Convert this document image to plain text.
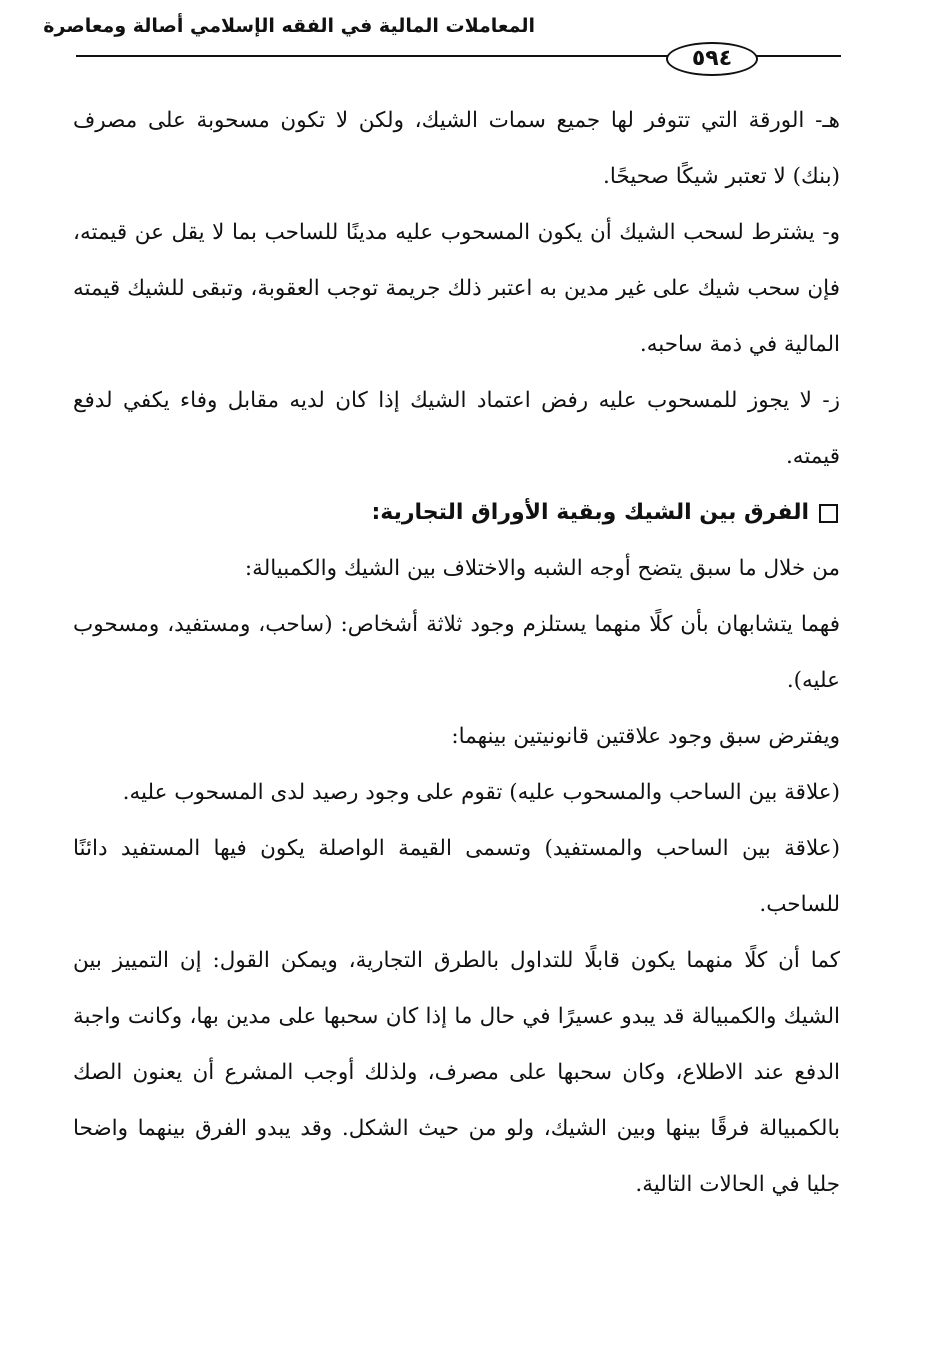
المعاملات المالية في الفقه الإسلامي أصالة ومعاصرة
٥٩٤

هـ- الورقة التي تتوفر لها جميع سمات الشيك، ولكن لا تكون مسحوبة على مصرف (بنك) لا تعتبر شيكًا صحيحًا.

و- يشترط لسحب الشيك أن يكون المسحوب عليه مدينًا للساحب بما لا يقل عن قيمته، فإن سحب شيك على غير مدين به اعتبر ذلك جريمة توجب العقوبة، وتبقى للشيك قيمته المالية في ذمة ساحبه.

ز- لا يجوز للمسحوب عليه رفض اعتماد الشيك إذا كان لديه مقابل وفاء يكفي لدفع قيمته.

الفرق بين الشيك وبقية الأوراق التجارية:

من خلال ما سبق يتضح أوجه الشبه والاختلاف بين الشيك والكمبيالة:

فهما يتشابهان بأن كلًا منهما يستلزم وجود ثلاثة أشخاص: (ساحب، ومستفيد، ومسحوب عليه).

ويفترض سبق وجود علاقتين قانونيتين بينهما:

(علاقة بين الساحب والمسحوب عليه) تقوم على وجود رصيد لدى المسحوب عليه.

(علاقة بين الساحب والمستفيد) وتسمى القيمة الواصلة يكون فيها المستفيد دائنًا للساحب.

كما أن كلًا منهما يكون قابلًا للتداول بالطرق التجارية، ويمكن القول: إن التمييز بين الشيك والكمبيالة قد يبدو عسيرًا في حال ما إذا كان سحبها على مدين بها، وكانت واجبة الدفع عند الاطلاع، وكان سحبها على مصرف، ولذلك أوجب المشرع أن يعنون الصك بالكمبيالة فرقًا بينها وبين الشيك، ولو من حيث الشكل. وقد يبدو الفرق بينهما واضحا جليا في الحالات التالية.
